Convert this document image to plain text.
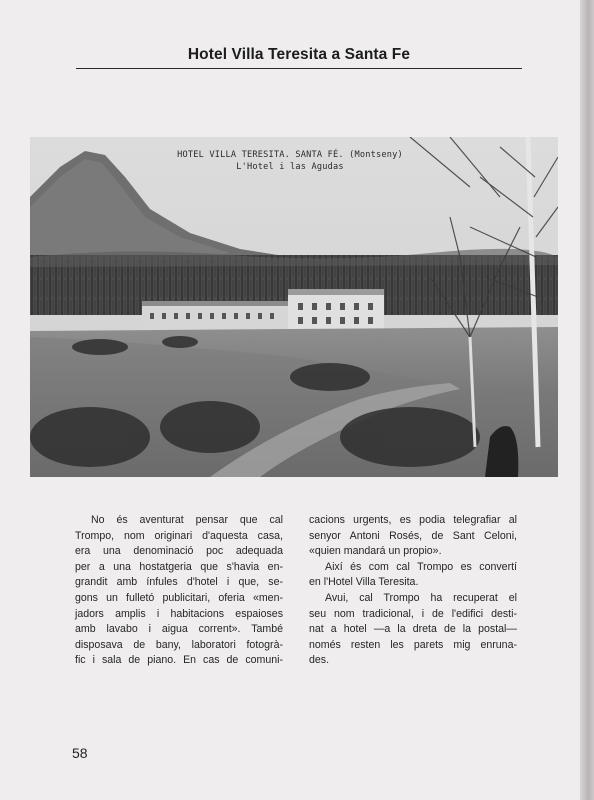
Hotel Villa Teresita a Santa Fe
HOTEL VILLA TERESITA. SANTA FÉ. (Montseny)
L'Hotel i las Agudas
No és aventurat pensar que cal
Trompo, nom originari d'aquesta casa,
era una denominació poc adequada
per a una hostatgeria que s'havia en-
grandit amb ínfules d'hotel i que, se-
gons un fulletó publicitari, oferia «men-
jadors amplis i habitacions espaioses
amb lavabo i aigua corrent». També
disposava de bany, laboratori fotogrà-
fic i sala de piano. En cas de comuni-
cacions urgents, es podia telegrafiar al
senyor Antoni Rosés, de Sant Celoni,
«quien mandará un propio».
Així és com cal Trompo es convertí
en l'Hotel Villa Teresita.
Avui, cal Trompo ha recuperat el
seu nom tradicional, i de l'edifici desti-
nat a hotel —a la dreta de la postal—
només resten les parets mig enruna-
des.
58
